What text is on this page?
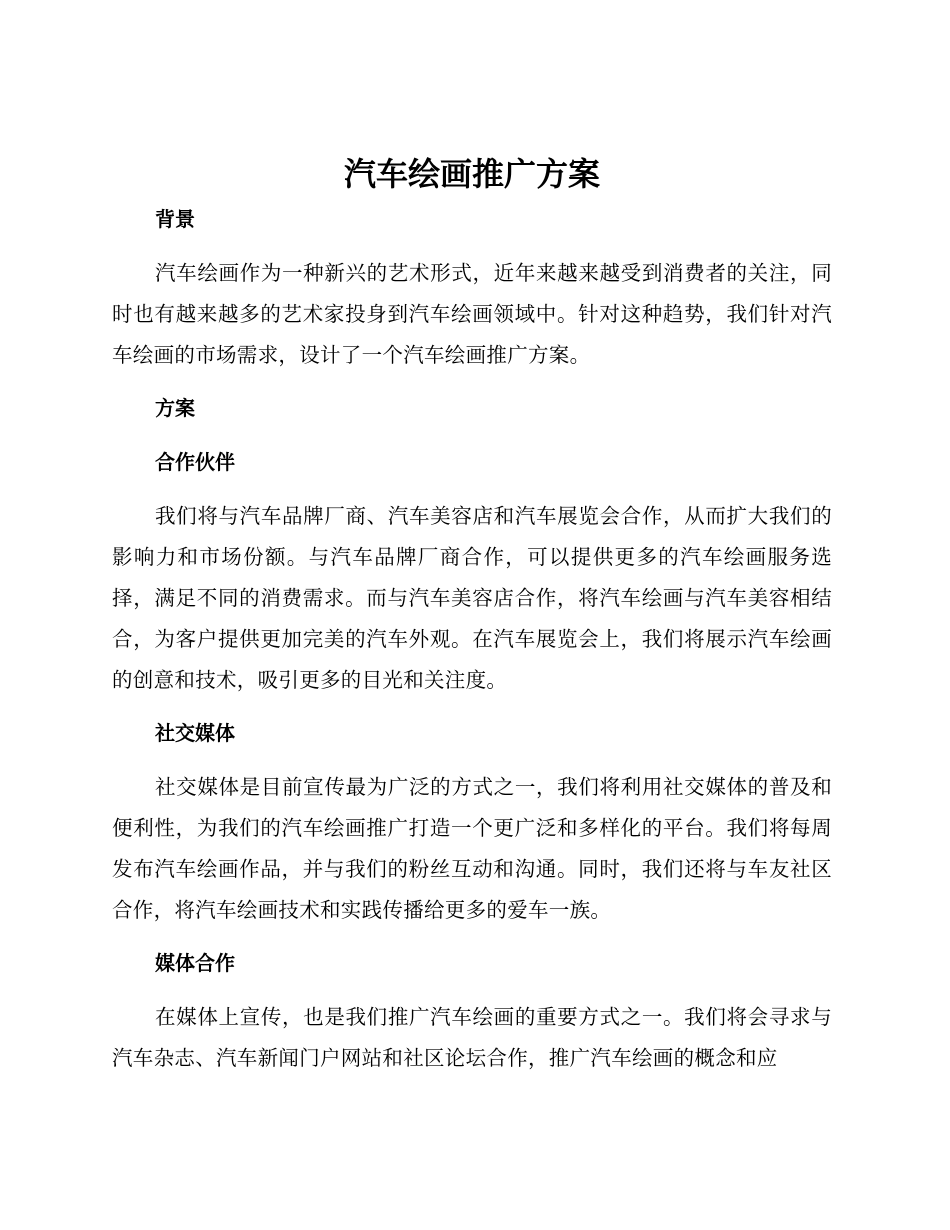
汽车绘画推广方案
背景

汽车绘画作为一种新兴的艺术形式，近年来越来越受到消费者的关注，同时也有越来越多的艺术家投身到汽车绘画领域中。针对这种趋势，我们针对汽车绘画的市场需求，设计了一个汽车绘画推广方案。

方案
合作伙伴

我们将与汽车品牌厂商、汽车美容店和汽车展览会合作，从而扩大我们的影响力和市场份额。与汽车品牌厂商合作，可以提供更多的汽车绘画服务选择，满足不同的消费需求。而与汽车美容店合作，将汽车绘画与汽车美容相结合，为客户提供更加完美的汽车外观。在汽车展览会上，我们将展示汽车绘画的创意和技术，吸引更多的目光和关注度。

社交媒体

社交媒体是目前宣传最为广泛的方式之一，我们将利用社交媒体的普及和便利性，为我们的汽车绘画推广打造一个更广泛和多样化的平台。我们将每周发布汽车绘画作品，并与我们的粉丝互动和沟通。同时，我们还将与车友社区合作，将汽车绘画技术和实践传播给更多的爱车一族。

媒体合作

在媒体上宣传，也是我们推广汽车绘画的重要方式之一。我们将会寻求与汽车杂志、汽车新闻门户网站和社区论坛合作，推广汽车绘画的概念和应
